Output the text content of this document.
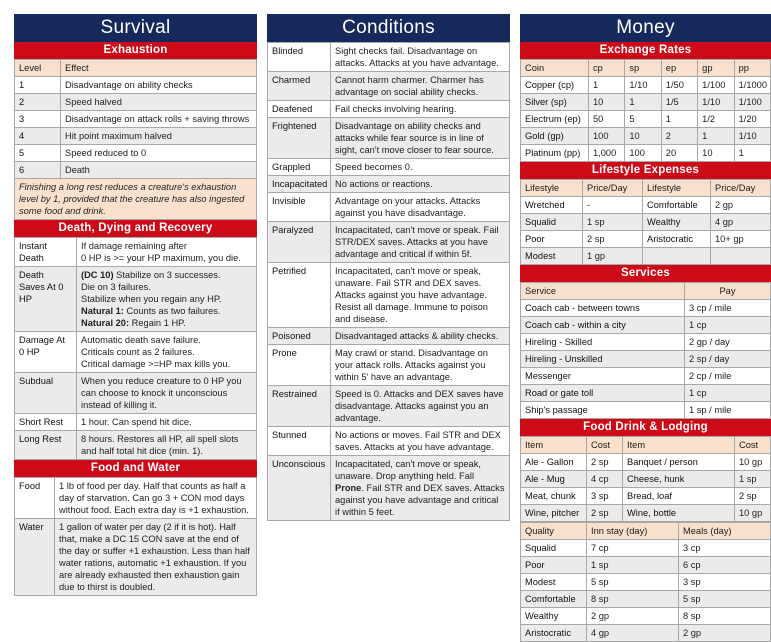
Survival
Exhaustion
Level	Effect
1	Disadvantage on ability checks
2	Speed halved
3	Disadvantage on attack rolls + saving throws
4	Hit point maximum halved
5	Speed reduced to 0
6	Death
Finishing a long rest reduces a creature's exhaustion level by 1, provided that the creature has also ingested some food and drink.	
Death, Dying and Recovery
Instant Death	If damage remaining after
0 HP is >= your HP maximum, you die.

Death Saves At 0 HP	(DC 10) Stabilize on 3 successes.
Die on 3 failures.
Stabilize when you regain any HP.
Natural 1: Counts as two failures.
Natural 20: Regain 1 HP.

Damage At 0 HP	Automatic death save failure.
Criticals count as 2 failures.
Critical damage >=HP max kills you.

Subdual	When you reduce creature to 0 HP you can choose to knock it unconscious instead of killing it.

Short Rest	1 hour. Can spend hit dice.

Long Rest	8 hours. Restores all HP, all spell slots and half total hit dice (min. 1).
Food and Water
Food	1 lb of food per day. Half that counts as half a day of starvation. Can go 3 + CON mod days without food. Each extra day is +1 exhaustion.
Water	1 gallon of water per day (2 if it is hot). Half that, make a DC 15 CON save at the end of the day or suffer +1 exhaustion. Less than half water rations, automatic +1 exhaustion. If you are already exhausted then exhaustion gain due to thirst is doubled.
Conditions
Blinded	Sight checks fail. Disadvantage on attacks. Attacks at you have advantage.
Charmed	Cannot harm charmer. Charmer has advantage on social ability checks.
Deafened	Fail checks involving hearing.
Frightened	Disadvantage on ability checks and attacks while fear source is in line of sight, can't move closer to fear source.
Grappled	Speed becomes 0.
Incapacitated	No actions or reactions.
Invisible	Advantage on your attacks. Attacks against you have disadvantage.
Paralyzed	Incapacitated, can't move or speak. Fail STR/DEX saves. Attacks at you have advantage and critical if within 5f.
Petrified	Incapacitated, can't move or speak, unaware. Fail STR and DEX saves. Attacks against you have advantage. Resist all damage. Immune to poison and disease.
Poisoned	Disadvantaged attacks & ability checks.
Prone	May crawl or stand. Disadvantage on your attack rolls. Attacks against you within 5' have an advantage.
Restrained	Speed is 0. Attacks and DEX saves have disadvantage. Attacks against you an advantage.
Stunned	No actions or moves. Fail STR and DEX saves. Attacks at you have advantage.
Unconscious	Incapacitated, can't move or speak, unaware. Drop anything held. Fall Prone. Fail STR and DEX saves. Attacks against you have advantage and critical if within 5 feet.
Money
Exchange Rates
Coin	cp	sp	ep	gp	pp
Copper (cp)	1	1/10	1/50	1/100	1/1000
Silver (sp)	10	1	1/5	1/10	1/100
Electrum (ep)	50	5	1	1/2	1/20
Gold (gp)	100	10	2	1	1/10
Platinum (pp)	1,000	100	20	10	1
Lifestyle Expenses
Lifestyle	Price/Day	Lifestyle	Price/Day
Wretched	-	Comfortable	2 gp
Squalid	1 sp	Wealthy	4 gp
Poor	2 sp	Aristocratic	10+ gp
Modest	1 gp		
Services
Service	Pay
Coach cab - between towns	3 cp / mile
Coach cab - within a city	1 cp
Hireling - Skilled	2 gp / day
Hireling - Unskilled	2 sp / day
Messenger	2 cp / mile
Road or gate toll	1 cp
Ship's passage	1 sp / mile
Food Drink & Lodging
Item	Cost	Item	Cost
Ale - Gallon	2 sp	Banquet / person	10 gp
Ale - Mug	4 cp	Cheese, hunk	1 sp
Meat, chunk	3 sp	Bread, loaf	2 sp
Wine, pitcher	2 sp	Wine, bottle	10 gp
Quality	Inn stay (day)	Meals (day)
Squalid	7 cp	3 cp
Poor	1 sp	6 cp
Modest	5 sp	3 sp
Comfortable	8 sp	5 sp
Wealthy	2 gp	8 sp
Aristocratic	4 gp	2 gp
